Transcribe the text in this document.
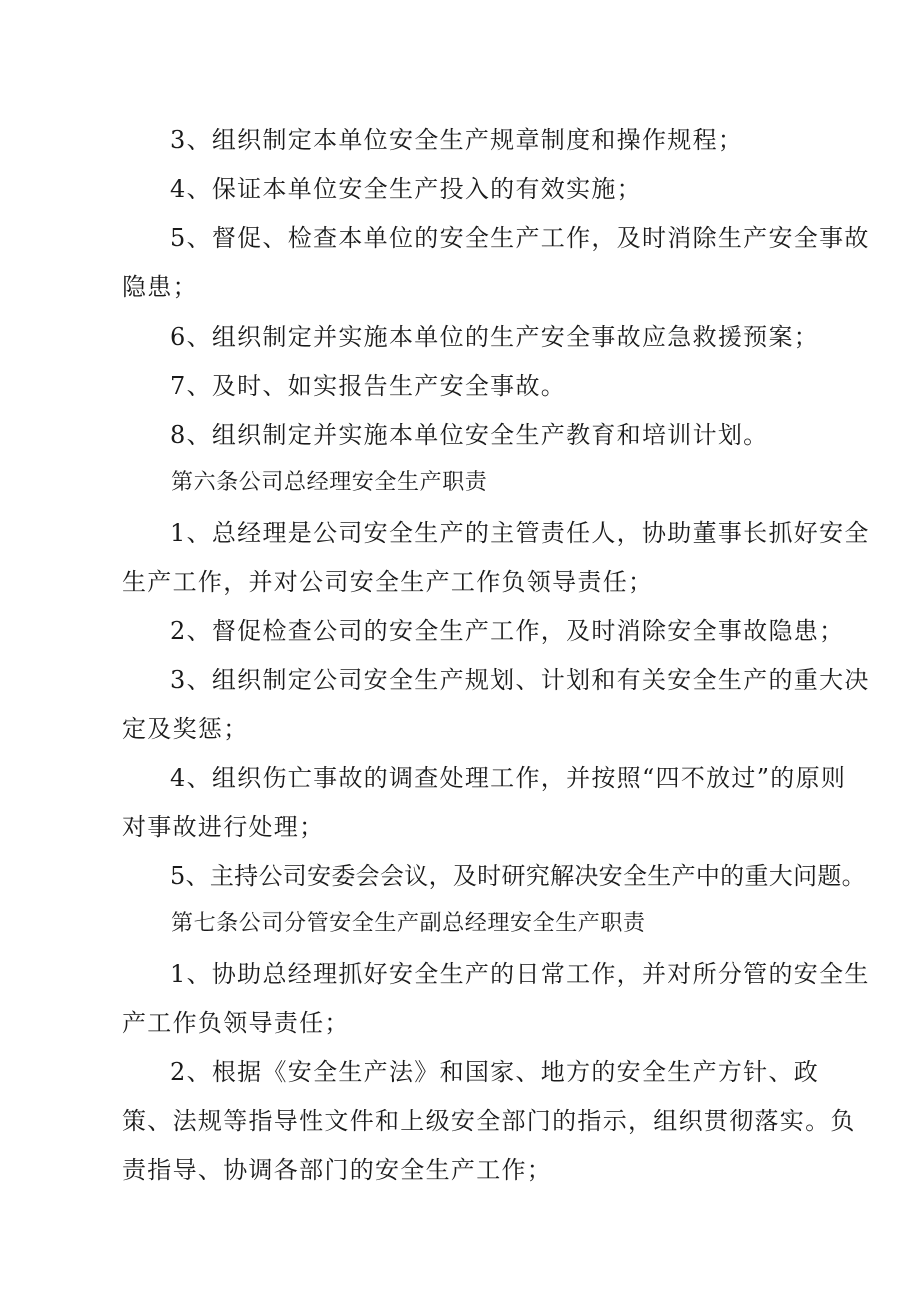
3、组织制定本单位安全生产规章制度和操作规程；
4、保证本单位安全生产投入的有效实施；
5、督促、检查本单位的安全生产工作，及时消除生产安全事故
隐患；
6、组织制定并实施本单位的生产安全事故应急救援预案；
7、及时、如实报告生产安全事故。
8、组织制定并实施本单位安全生产教育和培训计划。
第六条公司总经理安全生产职责
1、总经理是公司安全生产的主管责任人，协助董事长抓好安全
生产工作，并对公司安全生产工作负领导责任；
2、督促检查公司的安全生产工作，及时消除安全事故隐患；
3、组织制定公司安全生产规划、计划和有关安全生产的重大决
定及奖惩；
4、组织伤亡事故的调查处理工作，并按照“四不放过”的原则
对事故进行处理；
5、主持公司安委会会议，及时研究解决安全生产中的重大问题。
第七条公司分管安全生产副总经理安全生产职责
1、协助总经理抓好安全生产的日常工作，并对所分管的安全生
产工作负领导责任；
2、根据《安全生产法》和国家、地方的安全生产方针、政
策、法规等指导性文件和上级安全部门的指示，组织贯彻落实。负
责指导、协调各部门的安全生产工作；
